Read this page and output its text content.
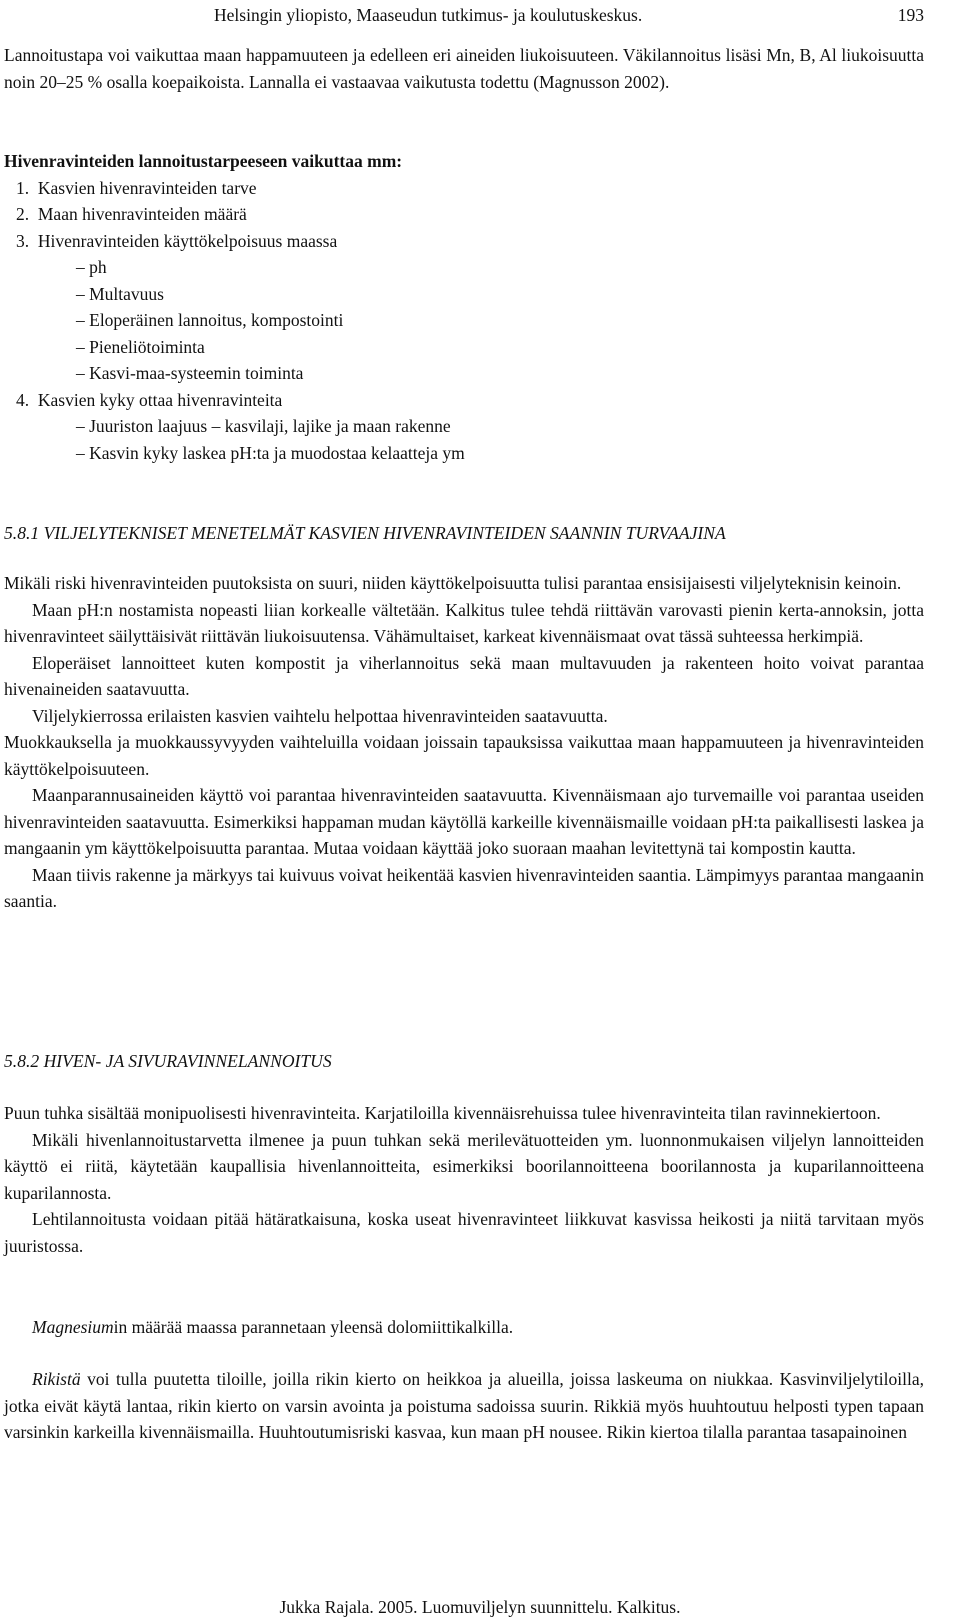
Helsingin yliopisto, Maaseudun tutkimus- ja koulutuskeskus.	193

Lannoitustapa voi vaikuttaa maan happamuuteen ja edelleen eri aineiden liukoisuuteen. Väkilannoitus lisäsi Mn, B, Al liukoisuutta noin 20–25 % osalla koepaikoista. Lannalla ei vastaavaa vaikutusta todettu (Magnusson 2002).

Hivenravinteiden lannoitustarpeeseen vaikuttaa mm:

1.  Kasvien hivenravinteiden tarve

2.  Maan hivenravinteiden määrä

3.  Hivenravinteiden käyttökelpoisuus maassa

– ph

– Multavuus

– Eloperäinen lannoitus, kompostointi

– Pieneliötoiminta

– Kasvi-maa-systeemin toiminta

4.  Kasvien kyky ottaa hivenravinteita

– Juuriston laajuus – kasvilaji, lajike ja maan rakenne

– Kasvin kyky laskea pH:ta ja muodostaa kelaatteja ym

5.8.1 VILJELYTEKNISET MENETELMÄT KASVIEN HIVENRAVINTEIDEN SAANNIN TURVAAJINA

Mikäli riski hivenravinteiden puutoksista on suuri, niiden käyttökelpoisuutta tulisi parantaa ensisijaisesti viljelyteknisin keinoin.

Maan pH:n nostamista nopeasti liian korkealle vältetään. Kalkitus tulee tehdä riittävän varovasti pienin kerta-annoksin, jotta hivenravinteet säilyttäisivät riittävän liukoisuutensa. Vähämultaiset, karkeat kivennäismaat ovat tässä suhteessa herkimpiä.

Eloperäiset lannoitteet kuten kompostit ja viherlannoitus sekä maan multavuuden ja rakenteen hoito voivat parantaa hivenaineiden saatavuutta.

Viljelykierrossa erilaisten kasvien vaihtelu helpottaa hivenravinteiden saatavuutta.

Muokkauksella ja muokkaussyvyyden vaihteluilla voidaan joissain tapauksissa vaikuttaa maan happamuuteen ja hivenravinteiden käyttökelpoisuuteen.

Maanparannusaineiden käyttö voi parantaa hivenravinteiden saatavuutta. Kivennäismaan ajo turvemaille voi parantaa useiden hivenravinteiden saatavuutta. Esimerkiksi happaman mudan käytöllä karkeille kivennäismaille voidaan pH:ta paikallisesti laskea ja mangaanin ym käyttökelpoisuutta parantaa. Mutaa voidaan käyttää joko suoraan maahan levitettynä tai kompostin kautta.

Maan tiivis rakenne ja märkyys tai kuivuus voivat heikentää kasvien hivenravinteiden saantia. Lämpimyys parantaa mangaanin saantia.

5.8.2 HIVEN- JA SIVURAVINNELANNOITUS

Puun tuhka sisältää monipuolisesti hivenravinteita. Karjatiloilla kivennäisrehuissa tulee hivenravinteita tilan ravinnekiertoon.

Mikäli hivenlannoitustarvetta ilmenee ja puun tuhkan sekä merilevätuotteiden ym. luonnonmukaisen viljelyn lannoitteiden käyttö ei riitä, käytetään kaupallisia hivenlannoitteita, esimerkiksi boorilannoitteena boorilannosta ja kuparilannoitteena kuparilannosta.

Lehtilannoitusta voidaan pitää hätäratkaisuna, koska useat hivenravinteet liikkuvat kasvissa heikosti ja niitä tarvitaan myös juuristossa.

Magnesiumin määrää maassa parannetaan yleensä dolomiittikalkilla.

Rikistä voi tulla puutetta tiloille, joilla rikin kierto on heikkoa ja alueilla, joissa laskeuma on niukkaa. Kasvinviljelytiloilla, jotka eivät käytä lantaa, rikin kierto on varsin avointa ja poistuma sadoissa suurin. Rikkiä myös huuhtoutuu helposti typen tapaan varsinkin karkeilla kivennäismailla. Huuhtoutumisriski kasvaa, kun maan pH nousee. Rikin kiertoa tilalla parantaa tasapainoinen

Jukka Rajala. 2005. Luomuviljelyn suunnittelu. Kalkitus.
